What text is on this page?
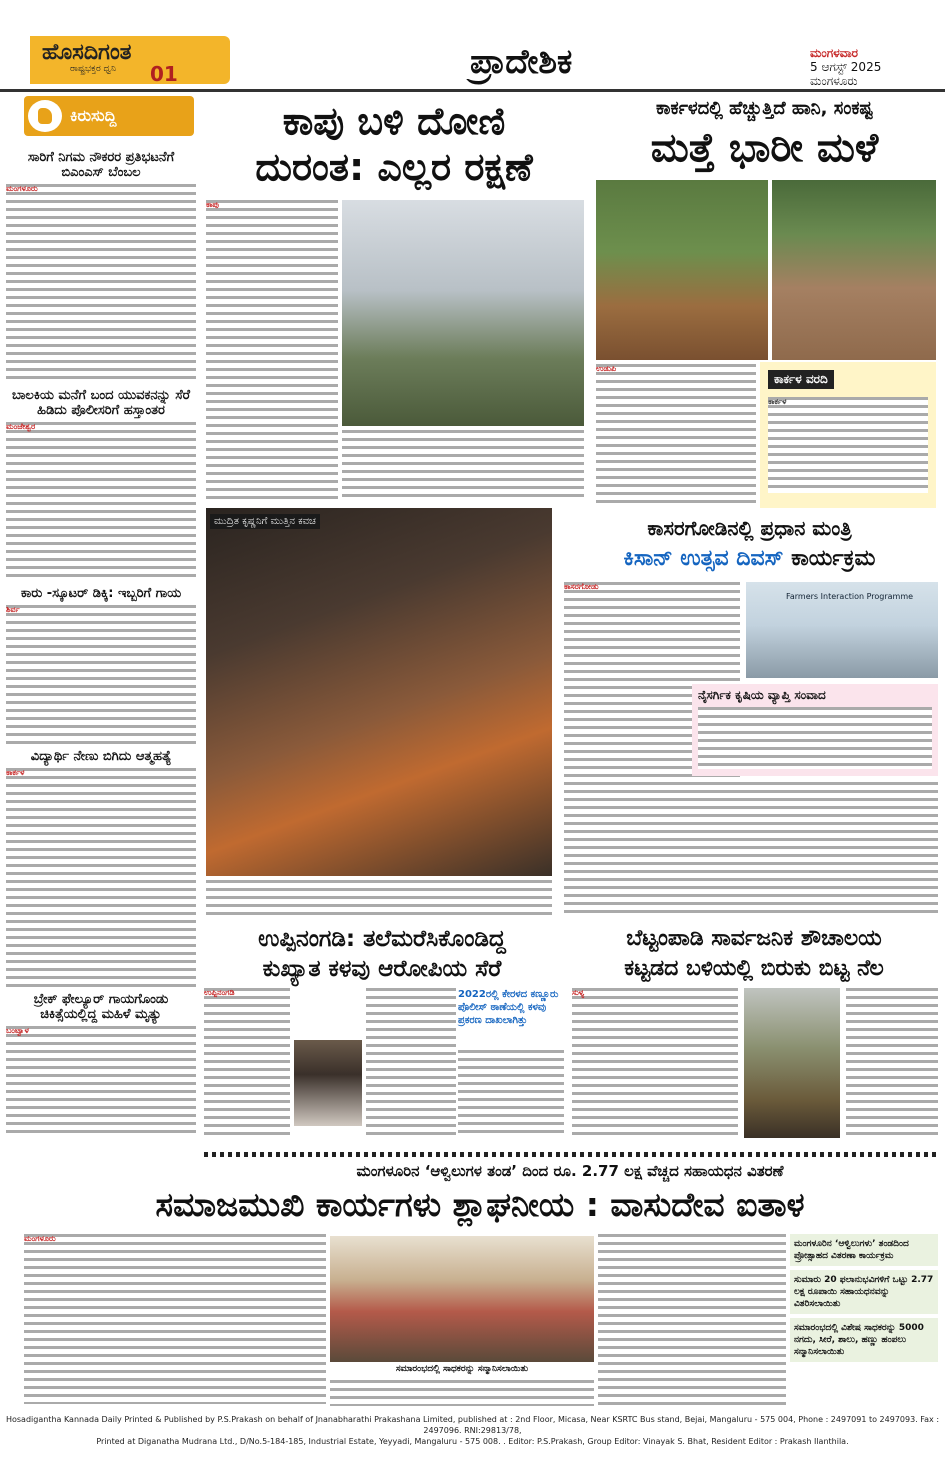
ಹೊಸದಿಗಂತ
ರಾಷ್ಟ್ರಭಕ್ತರ ಧ್ವನಿ 01	ಪ್ರಾದೇಶಿಕ	ಮಂಗಳವಾರ
5 ಆಗಸ್ಟ್ 2025
ಮಂಗಳೂರು
ಕಿರುಸುದ್ದಿ
ಸಾರಿಗೆ ನಿಗಮ ನೌಕರರ ಪ್ರತಿಭಟನೆಗೆ ಬಿಎಂಎಸ್ ಬೆಂಬಲ
ಮಂಗಳೂರು
ಬಾಲಕಿಯ ಮನೆಗೆ ಬಂದ ಯುವಕನನ್ನು ಸೆರೆ ಹಿಡಿದು ಪೊಲೀಸರಿಗೆ ಹಸ್ತಾಂತರ
ಮಂಜೇಶ್ವರ
ಕಾರು -ಸ್ಕೂಟರ್ ಡಿಕ್ಕಿ: ಇಬ್ಬರಿಗೆ ಗಾಯ
ಶಿರ್ವ
ವಿದ್ಯಾರ್ಥಿ ನೇಣು ಬಿಗಿದು ಆತ್ಮಹತ್ಯೆ
ಕಾರ್ಕಳ
ಬ್ರೇಕ್ ಫೇಲ್ಯೂರ್ ಗಾಯಗೊಂಡು ಚಿಕಿತ್ಸೆಯಲ್ಲಿದ್ದ ಮಹಿಳೆ ಮೃತ್ಯು
ಬಂಟ್ವಾಳ
ಕಾಪು ಬಳಿ ದೋಣಿ
ದುರಂತ: ಎಲ್ಲರ ರಕ್ಷಣೆ
ಕಾಪು
ಕಾರ್ಕಳದಲ್ಲಿ ಹೆಚ್ಚುತ್ತಿದೆ ಹಾನಿ, ಸಂಕಷ್ಟ
ಮತ್ತೆ ಭಾರೀ ಮಳೆ
ಉಡುಪಿ
ಕಾರ್ಕಳ ವರದಿ
ಕಾರ್ಕಳ
ಮುದ್ರಿತ ಕೃಷ್ಣನಿಗೆ ಮುತ್ತಿನ ಕವಚ	ಕಾಸರಗೋಡಿನಲ್ಲಿ ಪ್ರಧಾನ ಮಂತ್ರಿ
ಕಿಸಾನ್ ಉತ್ಸವ ದಿವಸ್ ಕಾರ್ಯಕ್ರಮ
ಕಾಸರಗೋಡು
Farmers Interaction Programme
ನೈಸರ್ಗಿಕ ಕೃಷಿಯ ವ್ಯಾಪ್ತಿ ಸಂವಾದ
ಉಪ್ಪಿನಂಗಡಿ: ತಲೆಮರೆಸಿಕೊಂಡಿದ್ದ
ಕುಖ್ಯಾತ ಕಳವು ಆರೋಪಿಯ ಸೆರೆ
ಉಪ್ಪಿನಂಗಡಿ	2022ರಲ್ಲಿ ಕೇರಳದ ಕಣ್ಣೂರು ಪೊಲೀಸ್ ಠಾಣೆಯಲ್ಲಿ ಕಳವು ಪ್ರಕರಣ ದಾಖಲಾಗಿತ್ತು
ಬೆಟ್ಟಂಪಾಡಿ ಸಾರ್ವಜನಿಕ ಶೌಚಾಲಯ
ಕಟ್ಟಡದ ಬಳಿಯಲ್ಲಿ ಬಿರುಕು ಬಿಟ್ಟ ನೆಲ
ಸುಳ್ಯ
ಮಂಗಳೂರಿನ ‘ಆಳ್ವಿಲುಗಳ ತಂಡ’ ದಿಂದ ರೂ. 2.77 ಲಕ್ಷ ವೆಚ್ಚದ ಸಹಾಯಧನ ವಿತರಣೆ
ಸಮಾಜಮುಖಿ ಕಾರ್ಯಗಳು ಶ್ಲಾಘನೀಯ : ವಾಸುದೇವ ಐತಾಳ
ಮಂಗಳೂರು
ಸಮಾರಂಭದಲ್ಲಿ ಸಾಧಕರನ್ನು ಸನ್ಮಾನಿಸಲಾಯಿತು
ಮಂಗಳೂರಿನ ‘ಆಳ್ವಿಲುಗಳು’ ತಂಡದಿಂದ ಪ್ರೋತ್ಸಾಹದ ವಿತರಣಾ ಕಾರ್ಯಕ್ರಮ
ಸುಮಾರು 20 ಫಲಾನುಭವಿಗಳಿಗೆ ಒಟ್ಟು 2.77 ಲಕ್ಷ ರೂಪಾಯಿ ಸಹಾಯಧನವನ್ನು ವಿತರಿಸಲಾಯಿತು
ಸಮಾರಂಭದಲ್ಲಿ ವಿಶೇಷ ಸಾಧಕರನ್ನು 5000 ನಗದು, ಸೀರೆ, ಶಾಲು, ಹಣ್ಣು ಹಂಪಲು ಸನ್ಮಾನಿಸಲಾಯಿತು
Hosadigantha Kannada Daily Printed & Published by P.S.Prakash on behalf of Jnanabharathi Prakashana Limited, published at : 2nd Floor, Micasa, Near KSRTC Bus stand, Bejai, Mangaluru - 575 004, Phone : 2497091 to 2497093. Fax : 2497096. RNI:29813/78,
Printed at Diganatha Mudrana Ltd., D/No.5-184-185, Industrial Estate, Yeyyadi, Mangaluru - 575 008. . Editor: P.S.Prakash, Group Editor: Vinayak S. Bhat, Resident Editor : Prakash Ilanthila.
